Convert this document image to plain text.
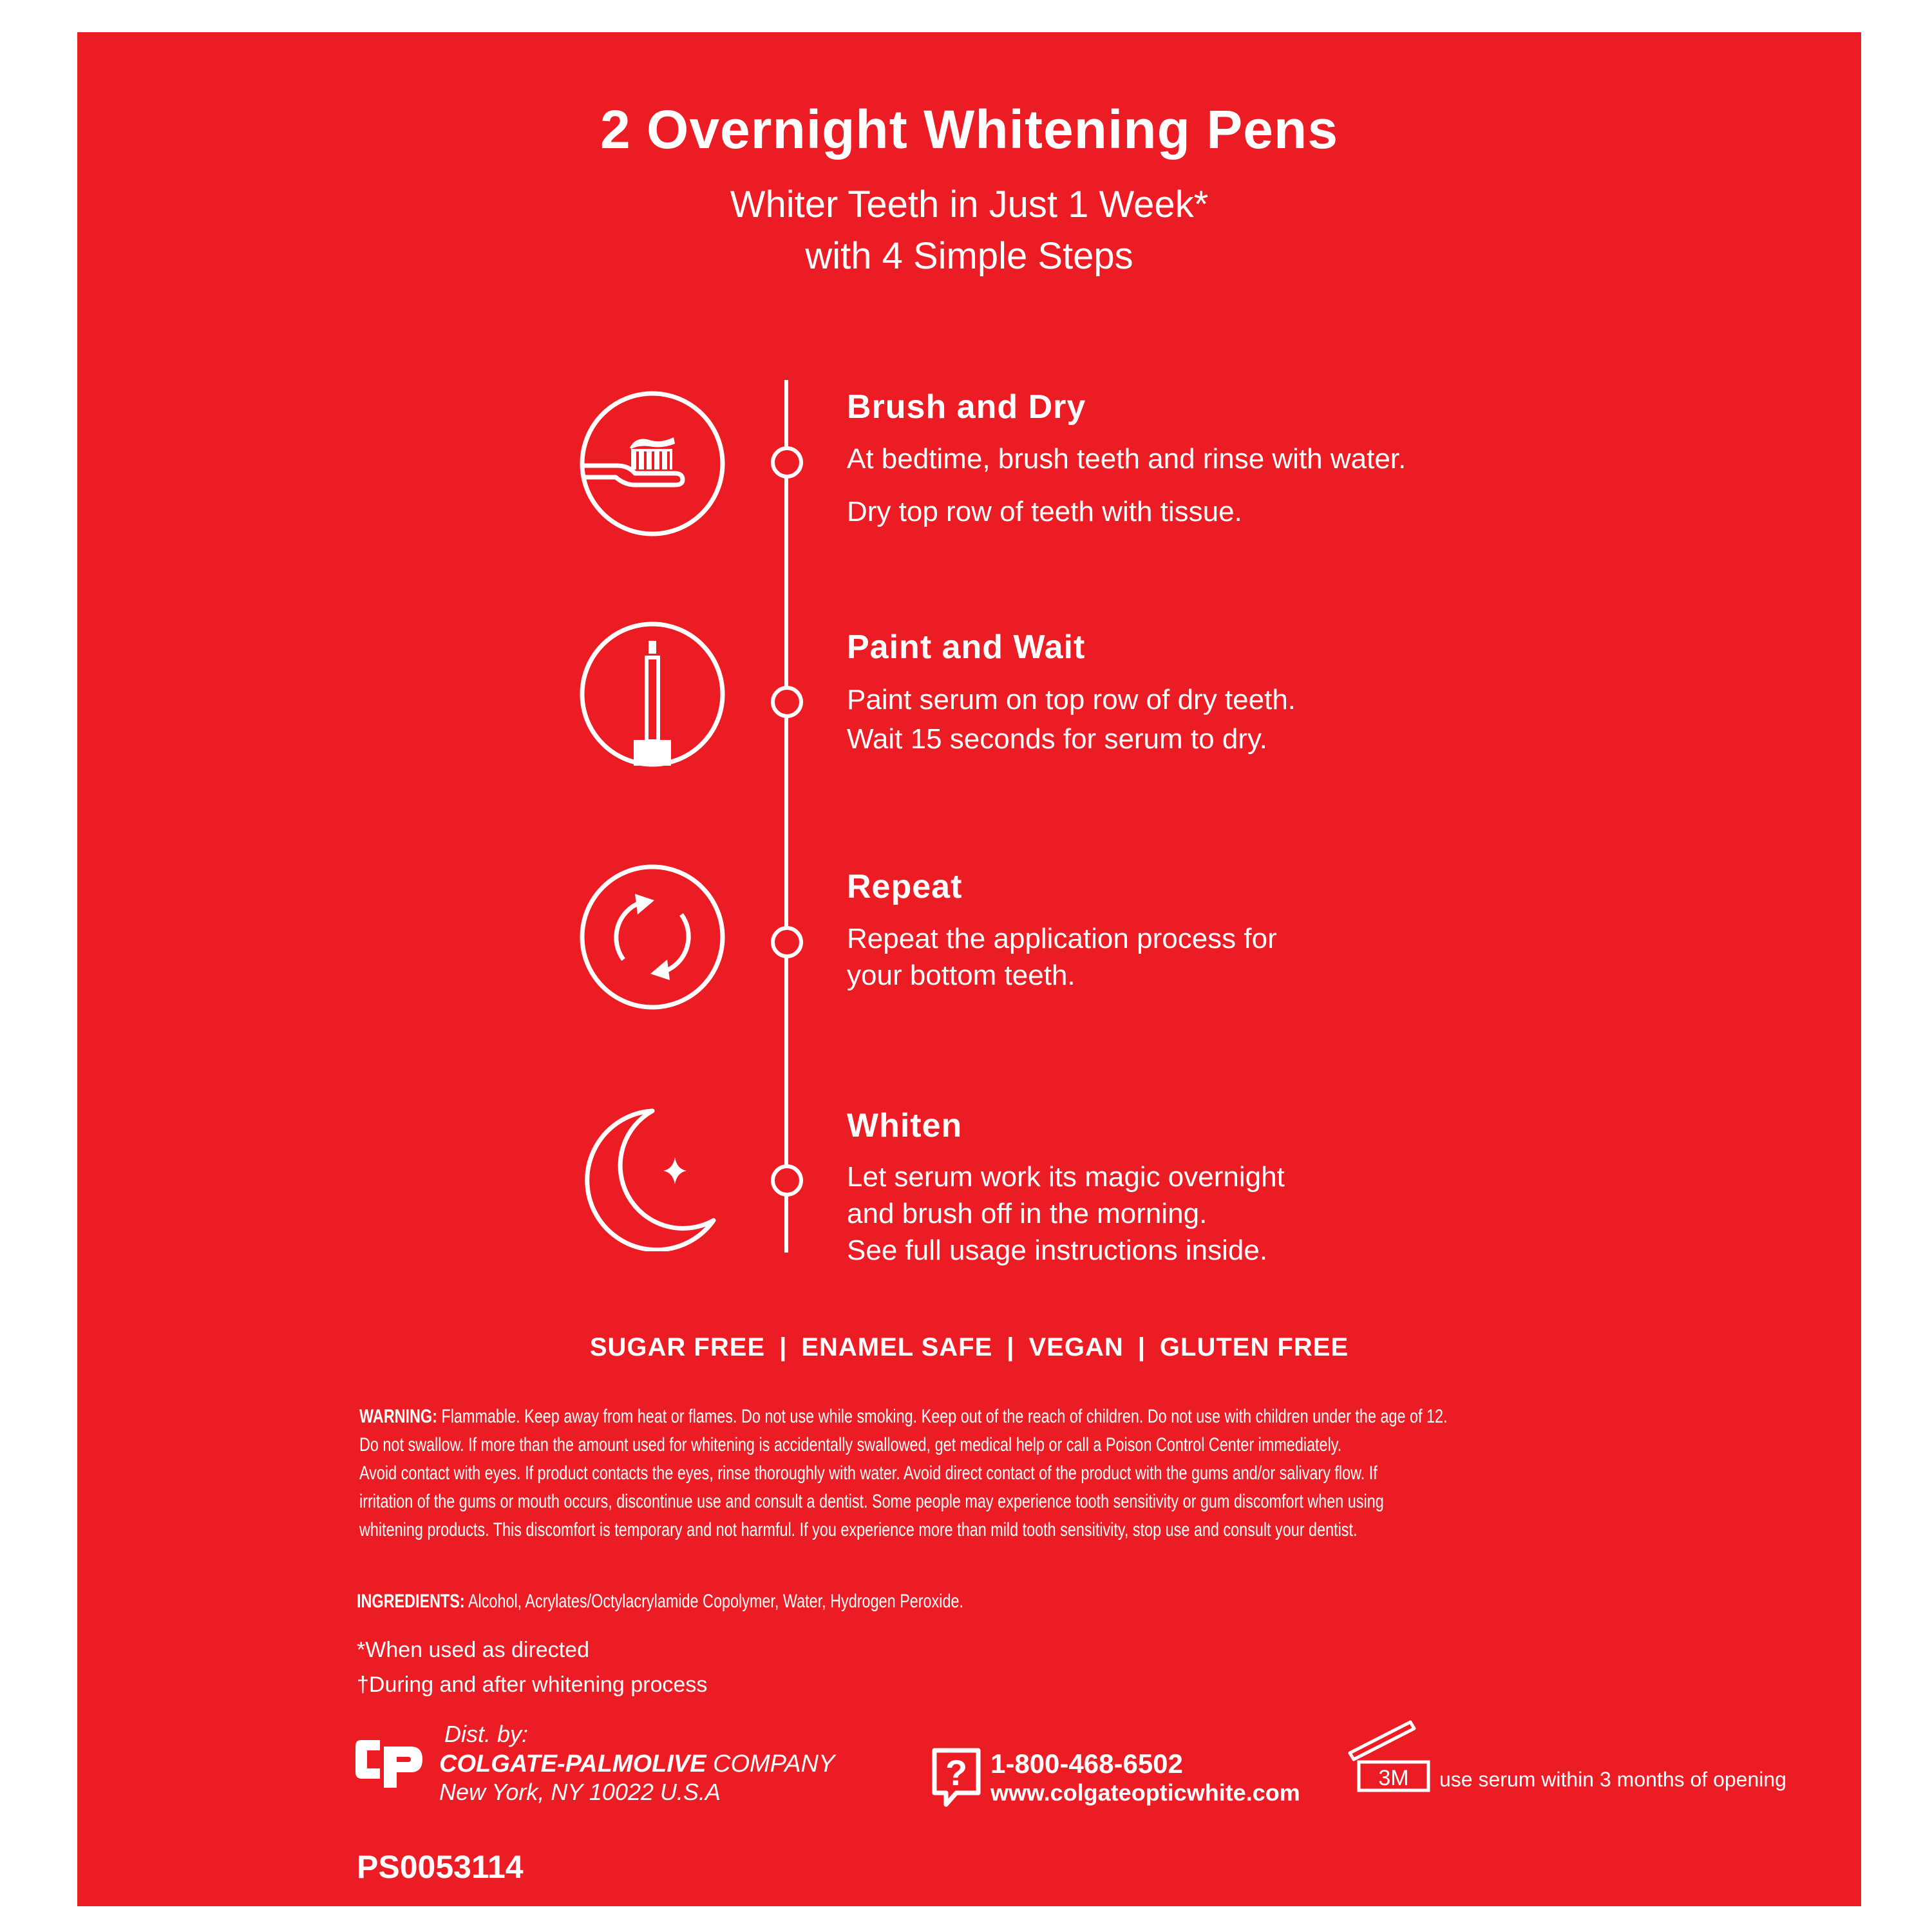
2 Overnight Whitening Pens
Whiter Teeth in Just 1 Week*
with 4 Simple Steps
Brush and Dry
At bedtime, brush teeth and rinse with water.
Dry top row of teeth with tissue.
Paint and Wait
Paint serum on top row of dry teeth.
Wait 15 seconds for serum to dry.
Repeat
Repeat the application process for
your bottom teeth.
Whiten
Let serum work its magic overnight
and brush off in the morning.
See full usage instructions inside.
SUGAR FREE | ENAMEL SAFE | VEGAN | GLUTEN FREE
WARNING: Flammable. Keep away from heat or flames. Do not use while smoking. Keep out of the reach of children. Do not use with children under the age of 12.
Do not swallow. If more than the amount used for whitening is accidentally swallowed, get medical help or call a Poison Control Center immediately.
Avoid contact with eyes. If product contacts the eyes, rinse thoroughly with water. Avoid direct contact of the product with the gums and/or salivary flow. If
irritation of the gums or mouth occurs, discontinue use and consult a dentist. Some people may experience tooth sensitivity or gum discomfort when using
whitening products. This discomfort is temporary and not harmful. If you experience more than mild tooth sensitivity, stop use and consult your dentist.
INGREDIENTS: Alcohol, Acrylates/Octylacrylamide Copolymer, Water, Hydrogen Peroxide.
*When used as directed
†During and after whitening process
Dist. by:
COLGATE-PALMOLIVE COMPANY
New York, NY 10022 U.S.A	? 1-800-468-6502
www.colgateopticwhite.com
3M use serum within 3 months of opening
PS0053114
